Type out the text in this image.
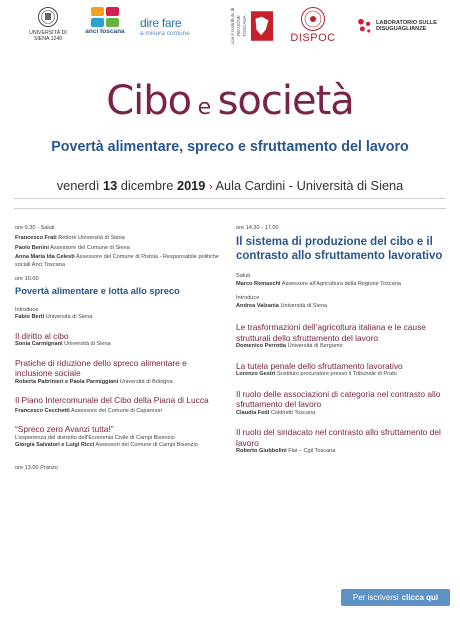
UNIVERSITÀ DI SIENA 1240
anci toscana
dire fare
a misura comune	con il contributo di REGIONE TOSCANA
DISPOC
LABORATORIO SULLE DISUGUAGLIANZE
Cibo e società
Povertà alimentare, spreco e sfruttamento del lavoro
venerdì 13 dicembre 2019 › Aula Cardini - Università di Siena
ore 9.30 - Saluti
Francesco Frati Rettore Università di Siena
Paolo Benini Assessore del Comune di Siena
Anna Maria Ida Celesti Assessore del Comune di Pistoia - Responsabile politiche sociali Anci Toscana
ore 10.00
Povertà alimentare e lotta allo spreco
Introduce
Fabio Berti Università di Siena
Il diritto al cibo
Sonia Carmignani Università di Siena
Pratiche di riduzione dello spreco alimentare e inclusione sociale
Roberta Paltrinieri e Paola Parmiggiani Università di Bologna
Il Piano Intercomunale del Cibo della Piana di Lucca
Francesco Cecchetti Assessore del Comune di Capannori
“Spreco zero Avanzi tutta!”
L’esperienza del distretto dell’Economia Civile di Campi Bisenzio
Giorgia Salvatori e Luigi Ricci Assessori del Comune di Campi Bisenzio
ore 13.00 Pranzo
ore 14.30 - 17.00
Il sistema di produzione del cibo e il contrasto allo sfruttamento lavorativo
Saluti
Marco Remaschi Assessore all’Agricoltura della Regione Toscana
Introduce
Andrea Valzania Università di Siena
Le trasformazioni dell’agricoltura italiana e le cause strutturali dello sfruttamento del lavoro
Domenico Perrotta Università di Bergamo
La tutela penale dello sfruttamento lavorativo
Lorenzo Gestri Sostituto procuratore presso il Tribunale di Prato
Il ruolo delle associazioni di categoria nel contrasto allo sfruttamento del lavoro
Claudia Fedi Coldiretti Toscana
Il ruolo del sindacato nel contrasto allo sfruttamento del lavoro
Roberto Giubbolini Flai – Cgil Toscana
Per iscriversi clicca qui
